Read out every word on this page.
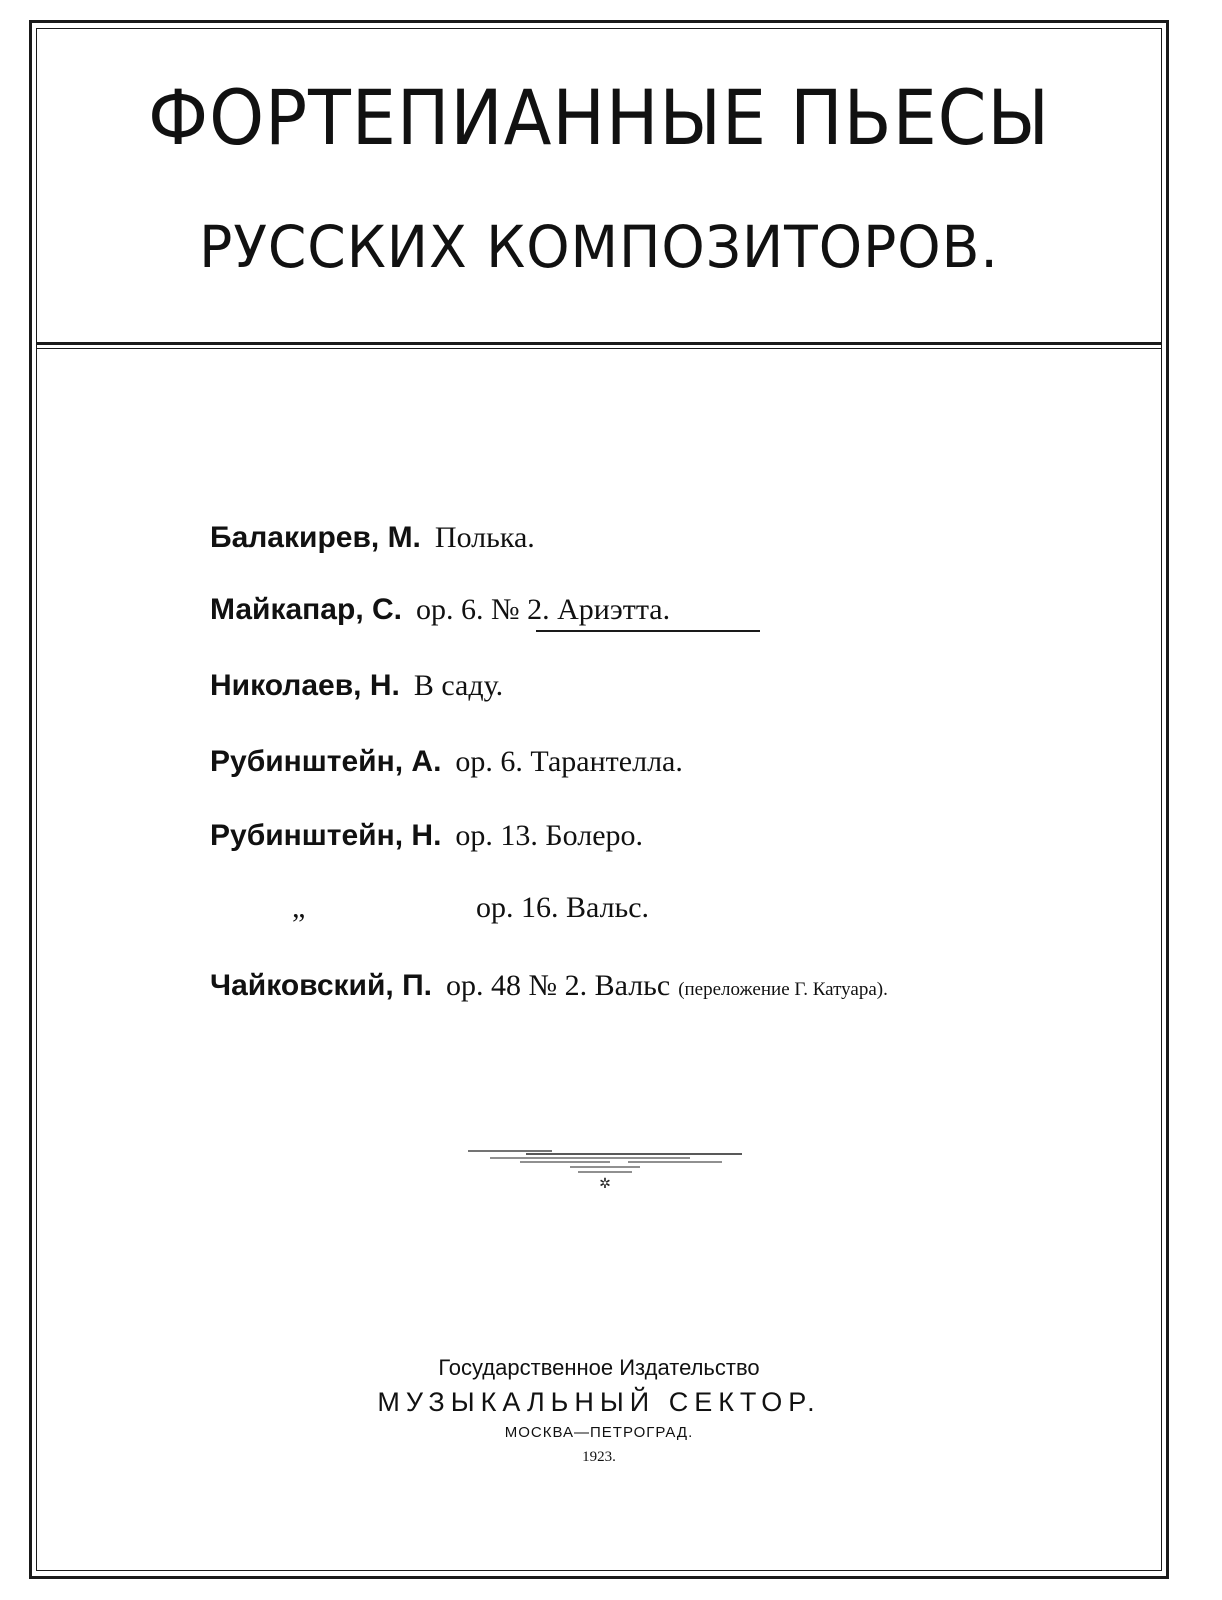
ФОРТЕПИАННЫЕ ПЬЕСЫ
РУССКИХ КОМПОЗИТОРОВ.
Балакирев, М. Полька.
Майкапар, С. ор. 6. № 2. Ариэтта.
Николаев, Н. В саду.
Рубинштейн, А. ор. 6. Тарантелла.
Рубинштейн, Н. ор. 13. Болеро.
„	ор. 16. Вальс.
Чайковский, П. ор. 48 № 2. Вальс (переложение Г. Катуара).
✲
Государственное Издательство
МУЗЫКАЛЬНЫЙ СЕКТОР.
МОСКВА—ПЕТРОГРАД.
1923.
